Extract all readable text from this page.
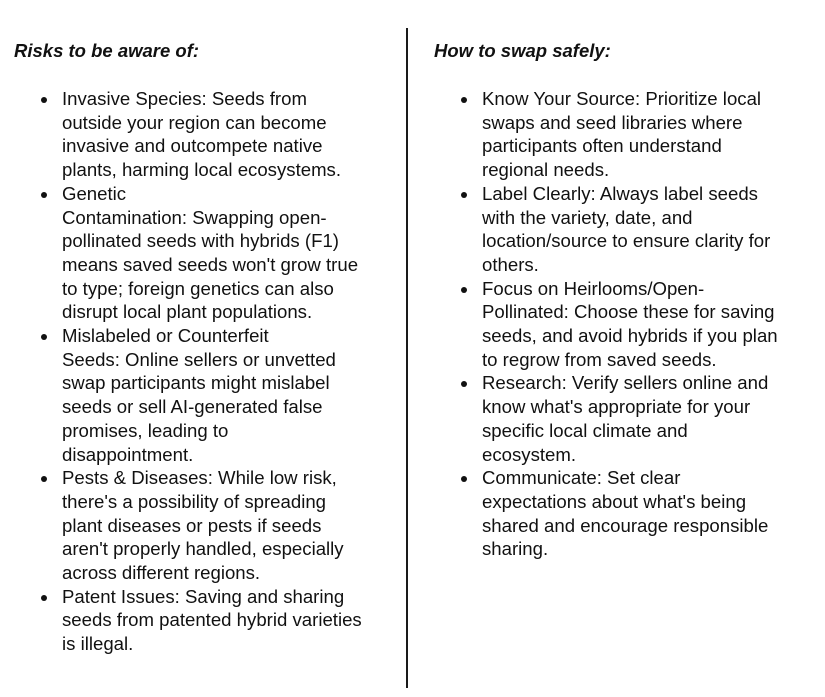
Risks to be aware of:
Invasive Species: Seeds from
outside your region can become
invasive and outcompete native
plants, harming local ecosystems.
Genetic
Contamination: Swapping open-
pollinated seeds with hybrids (F1)
means saved seeds won't grow true
to type; foreign genetics can also
disrupt local plant populations.
Mislabeled or Counterfeit
Seeds: Online sellers or unvetted
swap participants might mislabel
seeds or sell AI-generated false
promises, leading to
disappointment.
Pests & Diseases: While low risk,
there's a possibility of spreading
plant diseases or pests if seeds
aren't properly handled, especially
across different regions.
Patent Issues: Saving and sharing
seeds from patented hybrid varieties
is illegal.
How to swap safely:
Know Your Source: Prioritize local
swaps and seed libraries where
participants often understand
regional needs.
Label Clearly: Always label seeds
with the variety, date, and
location/source to ensure clarity for
others.
Focus on Heirlooms/Open-
Pollinated: Choose these for saving
seeds, and avoid hybrids if you plan
to regrow from saved seeds.
Research: Verify sellers online and
know what's appropriate for your
specific local climate and
ecosystem.
Communicate: Set clear
expectations about what's being
shared and encourage responsible
sharing.
